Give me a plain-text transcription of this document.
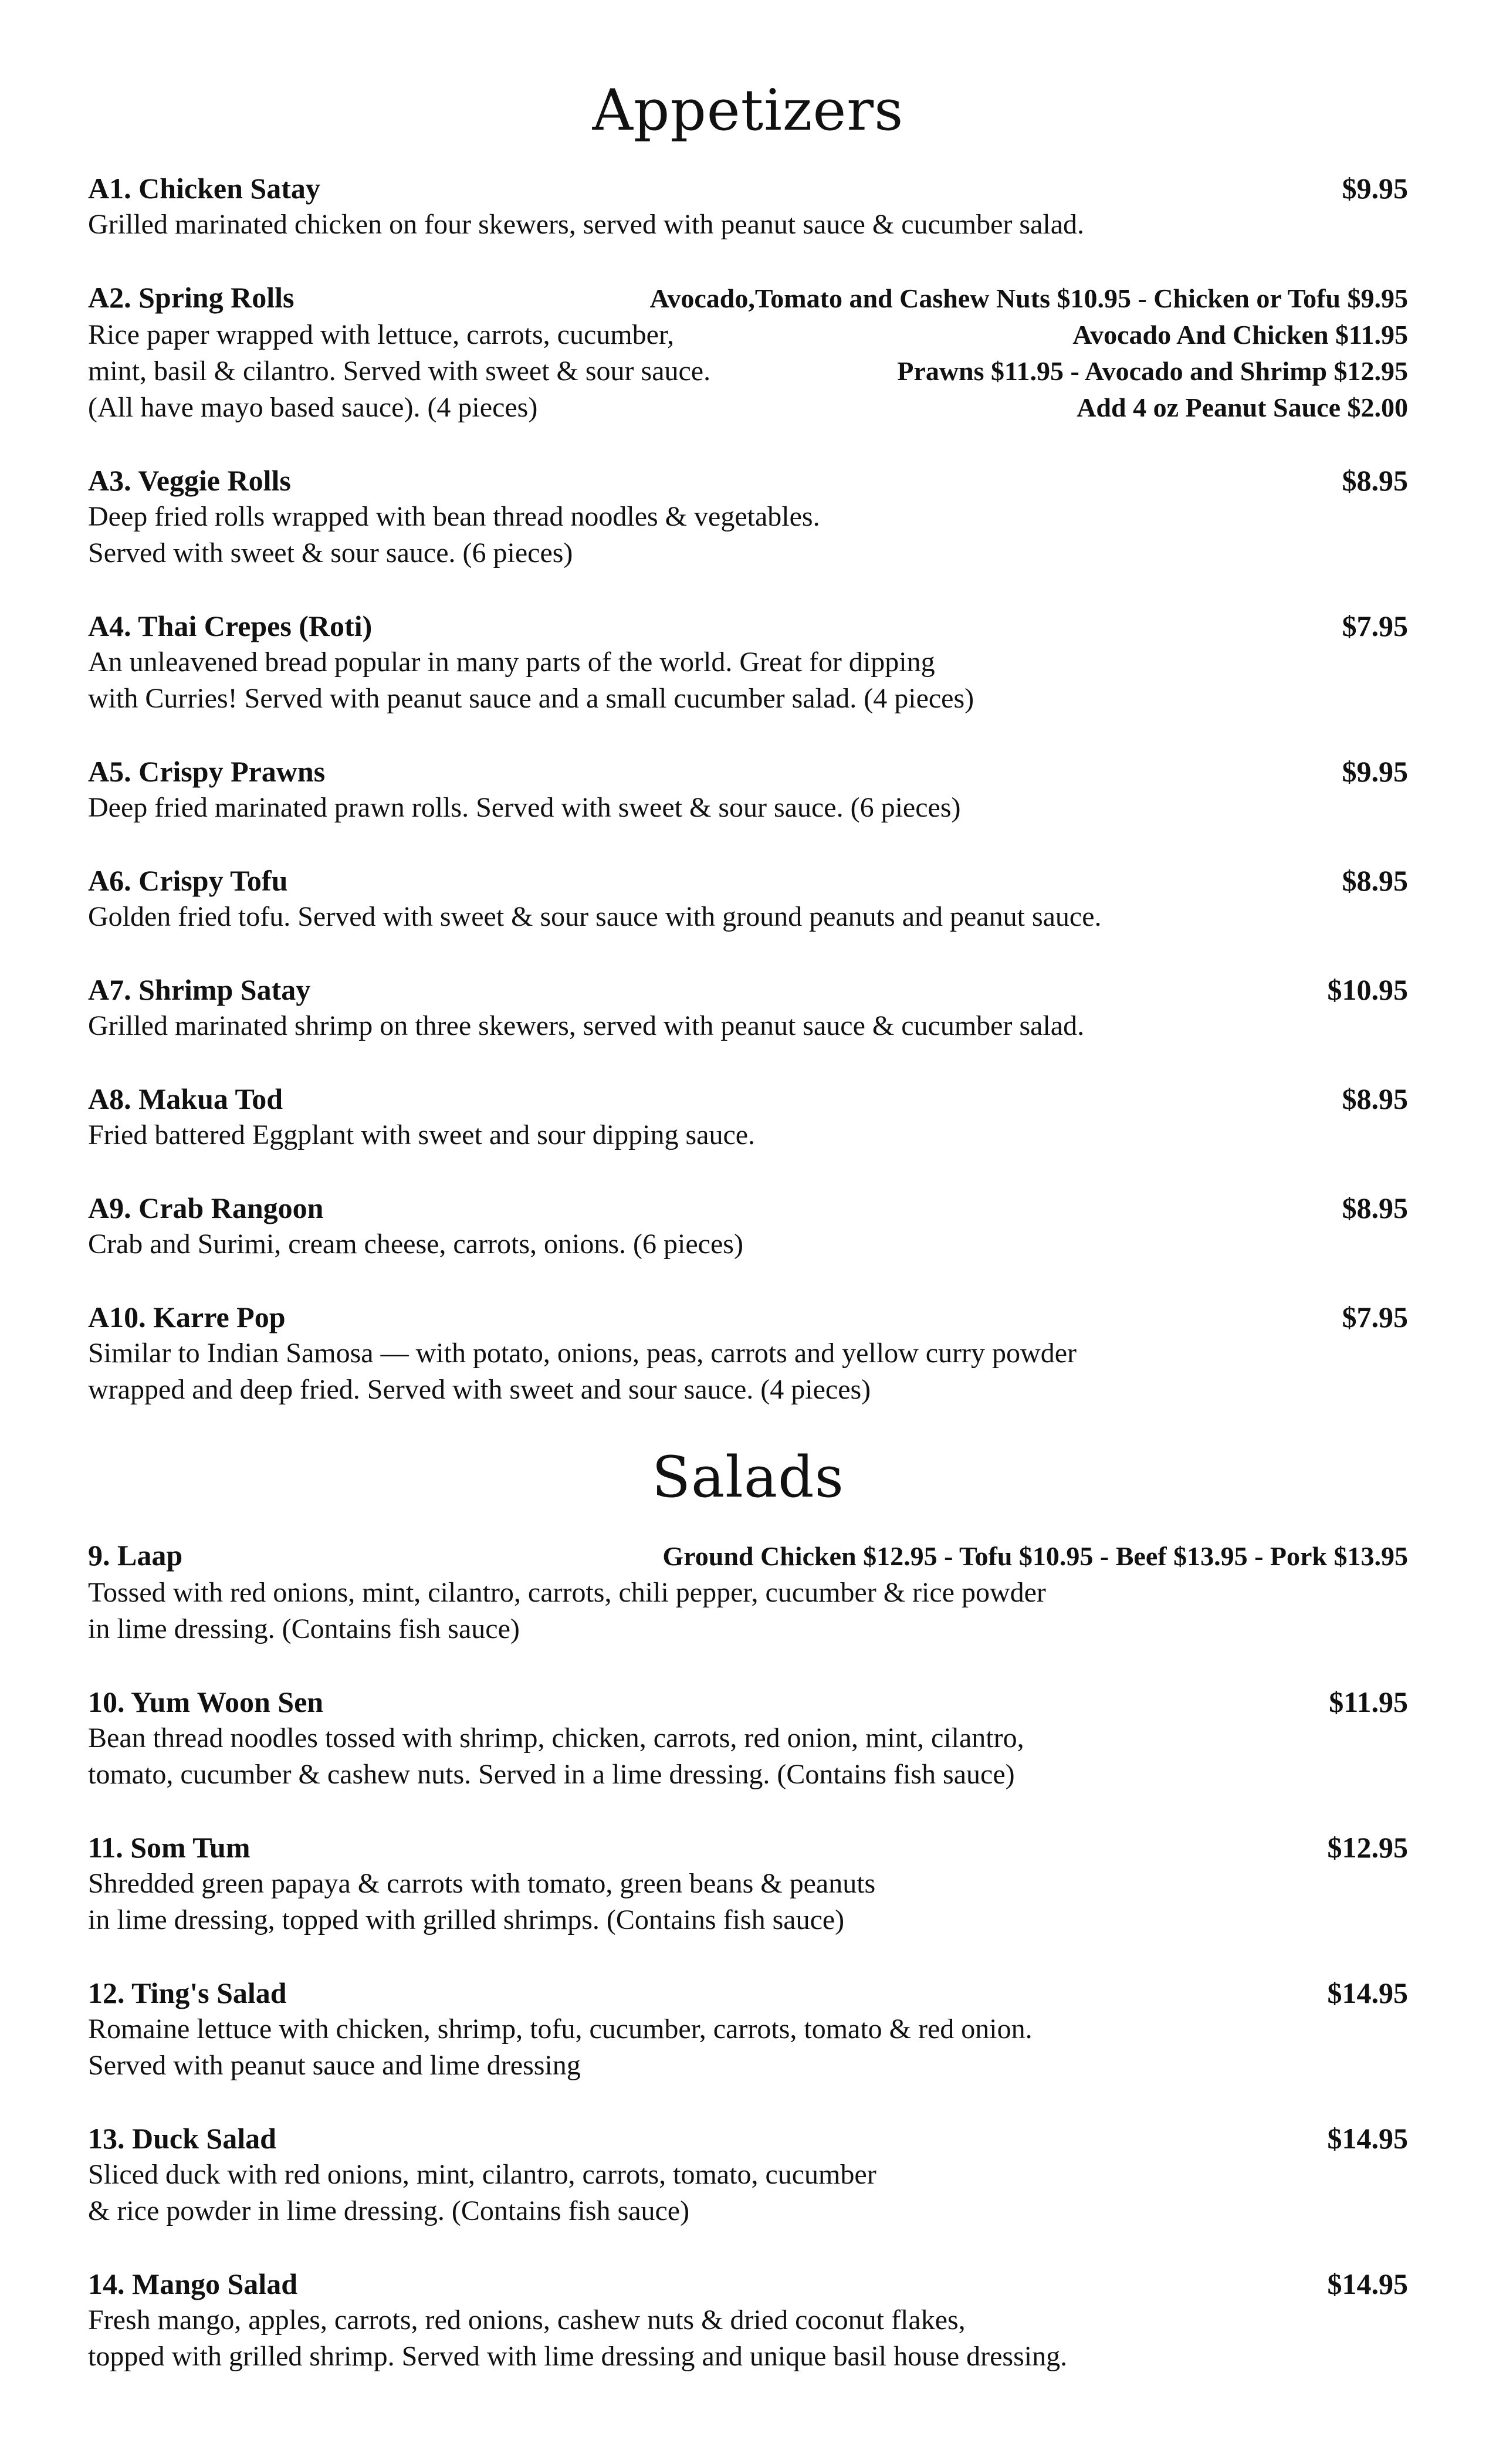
Appetizers
A1. Chicken Satay	$9.95
Grilled marinated chicken on four skewers, served with peanut sauce & cucumber salad.
A2. Spring Rolls	Avocado,Tomato and Cashew Nuts $10.95 - Chicken or Tofu $9.95
Rice paper wrapped with lettuce, carrots, cucumber,	Avocado And Chicken $11.95
mint, basil & cilantro. Served with sweet & sour sauce.	Prawns $11.95 - Avocado and Shrimp $12.95
(All have mayo based sauce). (4 pieces)	Add 4 oz Peanut Sauce $2.00
A3. Veggie Rolls	$8.95
Deep fried rolls wrapped with bean thread noodles & vegetables.
Served with sweet & sour sauce. (6 pieces)
A4. Thai Crepes (Roti)	$7.95
An unleavened bread popular in many parts of the world. Great for dipping
with Curries! Served with peanut sauce and a small cucumber salad. (4 pieces)
A5. Crispy Prawns	$9.95
Deep fried marinated prawn rolls. Served with sweet & sour sauce. (6 pieces)
A6. Crispy Tofu	$8.95
Golden fried tofu. Served with sweet & sour sauce with ground peanuts and peanut sauce.
A7. Shrimp Satay	$10.95
Grilled marinated shrimp on three skewers, served with peanut sauce & cucumber salad.
A8. Makua Tod	$8.95
Fried battered Eggplant with sweet and sour dipping sauce.
A9. Crab Rangoon	$8.95
Crab and Surimi, cream cheese, carrots, onions. (6 pieces)
A10. Karre Pop	$7.95
Similar to Indian Samosa — with potato, onions, peas, carrots and yellow curry powder
wrapped and deep fried. Served with sweet and sour sauce. (4 pieces)
Salads
9. Laap	Ground Chicken $12.95 - Tofu $10.95 - Beef $13.95 - Pork $13.95
Tossed with red onions, mint, cilantro, carrots, chili pepper, cucumber & rice powder
in lime dressing. (Contains fish sauce)
10. Yum Woon Sen	$11.95
Bean thread noodles tossed with shrimp, chicken, carrots, red onion, mint, cilantro,
tomato, cucumber & cashew nuts. Served in a lime dressing. (Contains fish sauce)
11. Som Tum	$12.95
Shredded green papaya & carrots with tomato, green beans & peanuts
in lime dressing, topped with grilled shrimps. (Contains fish sauce)
12. Ting's Salad	$14.95
Romaine lettuce with chicken, shrimp, tofu, cucumber, carrots, tomato & red onion.
Served with peanut sauce and lime dressing
13. Duck Salad	$14.95
Sliced duck with red onions, mint, cilantro, carrots, tomato, cucumber
& rice powder in lime dressing. (Contains fish sauce)
14. Mango Salad	$14.95
Fresh mango, apples, carrots, red onions, cashew nuts & dried coconut flakes,
topped with grilled shrimp. Served with lime dressing and unique basil house dressing.
